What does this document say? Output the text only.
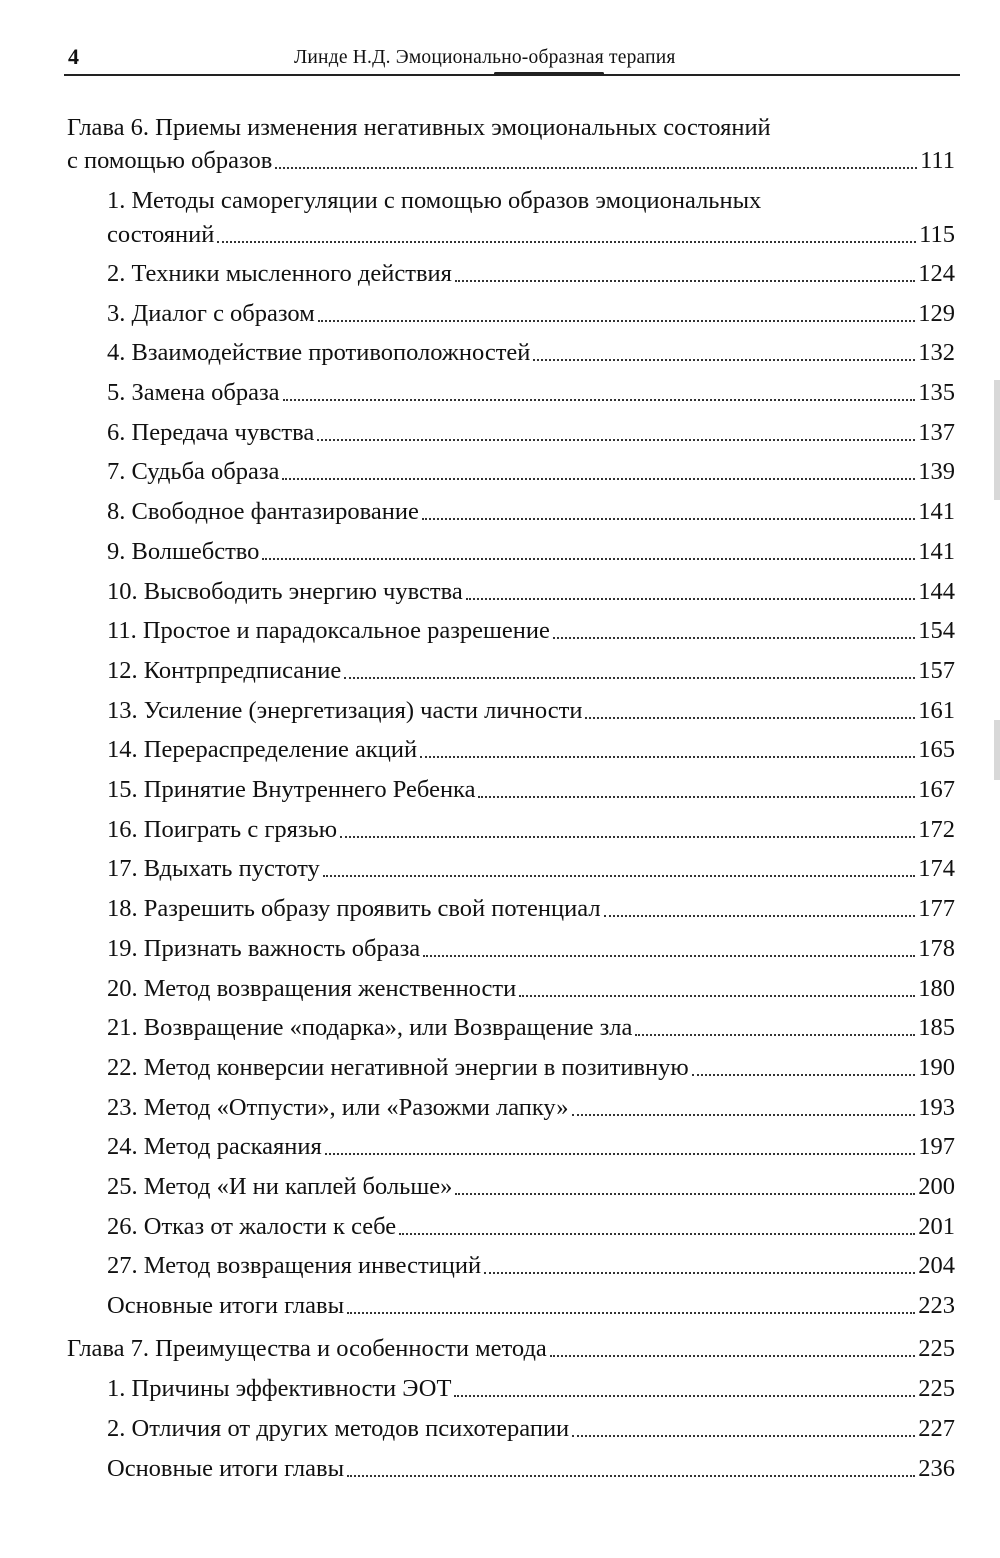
4	Линде Н.Д. Эмоционально-образная терапия
Глава 6. Приемы изменения негативных эмоциональных состояний
с помощью образов	111
1. Методы саморегуляции с помощью образов эмоциональных
состояний	115
2. Техники мысленного действия	124
3. Диалог с образом	129
4. Взаимодействие противоположностей	132
5. Замена образа	135
6. Передача чувства	137
7. Судьба образа	139
8. Свободное фантазирование	141
9. Волшебство	141
10. Высвободить энергию чувства	144
11. Простое и парадоксальное разрешение	154
12. Контрпредписание	157
13. Усиление (энергетизация) части личности	161
14. Перераспределение акций	165
15. Принятие Внутреннего Ребенка	167
16. Поиграть с грязью	172
17. Вдыхать пустоту	174
18. Разрешить образу проявить свой потенциал	177
19. Признать важность образа	178
20. Метод возвращения женственности	180
21. Возвращение «подарка», или Возвращение зла	185
22. Метод конверсии негативной энергии в позитивную	190
23. Метод «Отпусти», или «Разожми лапку»	193
24. Метод раскаяния	197
25. Метод «И ни каплей больше»	200
26. Отказ от жалости к себе	201
27. Метод возвращения инвестиций	204
Основные итоги главы	223
Глава 7. Преимущества и особенности метода	225
1. Причины эффективности ЭОТ	225
2. Отличия от других методов психотерапии	227
Основные итоги главы	236
